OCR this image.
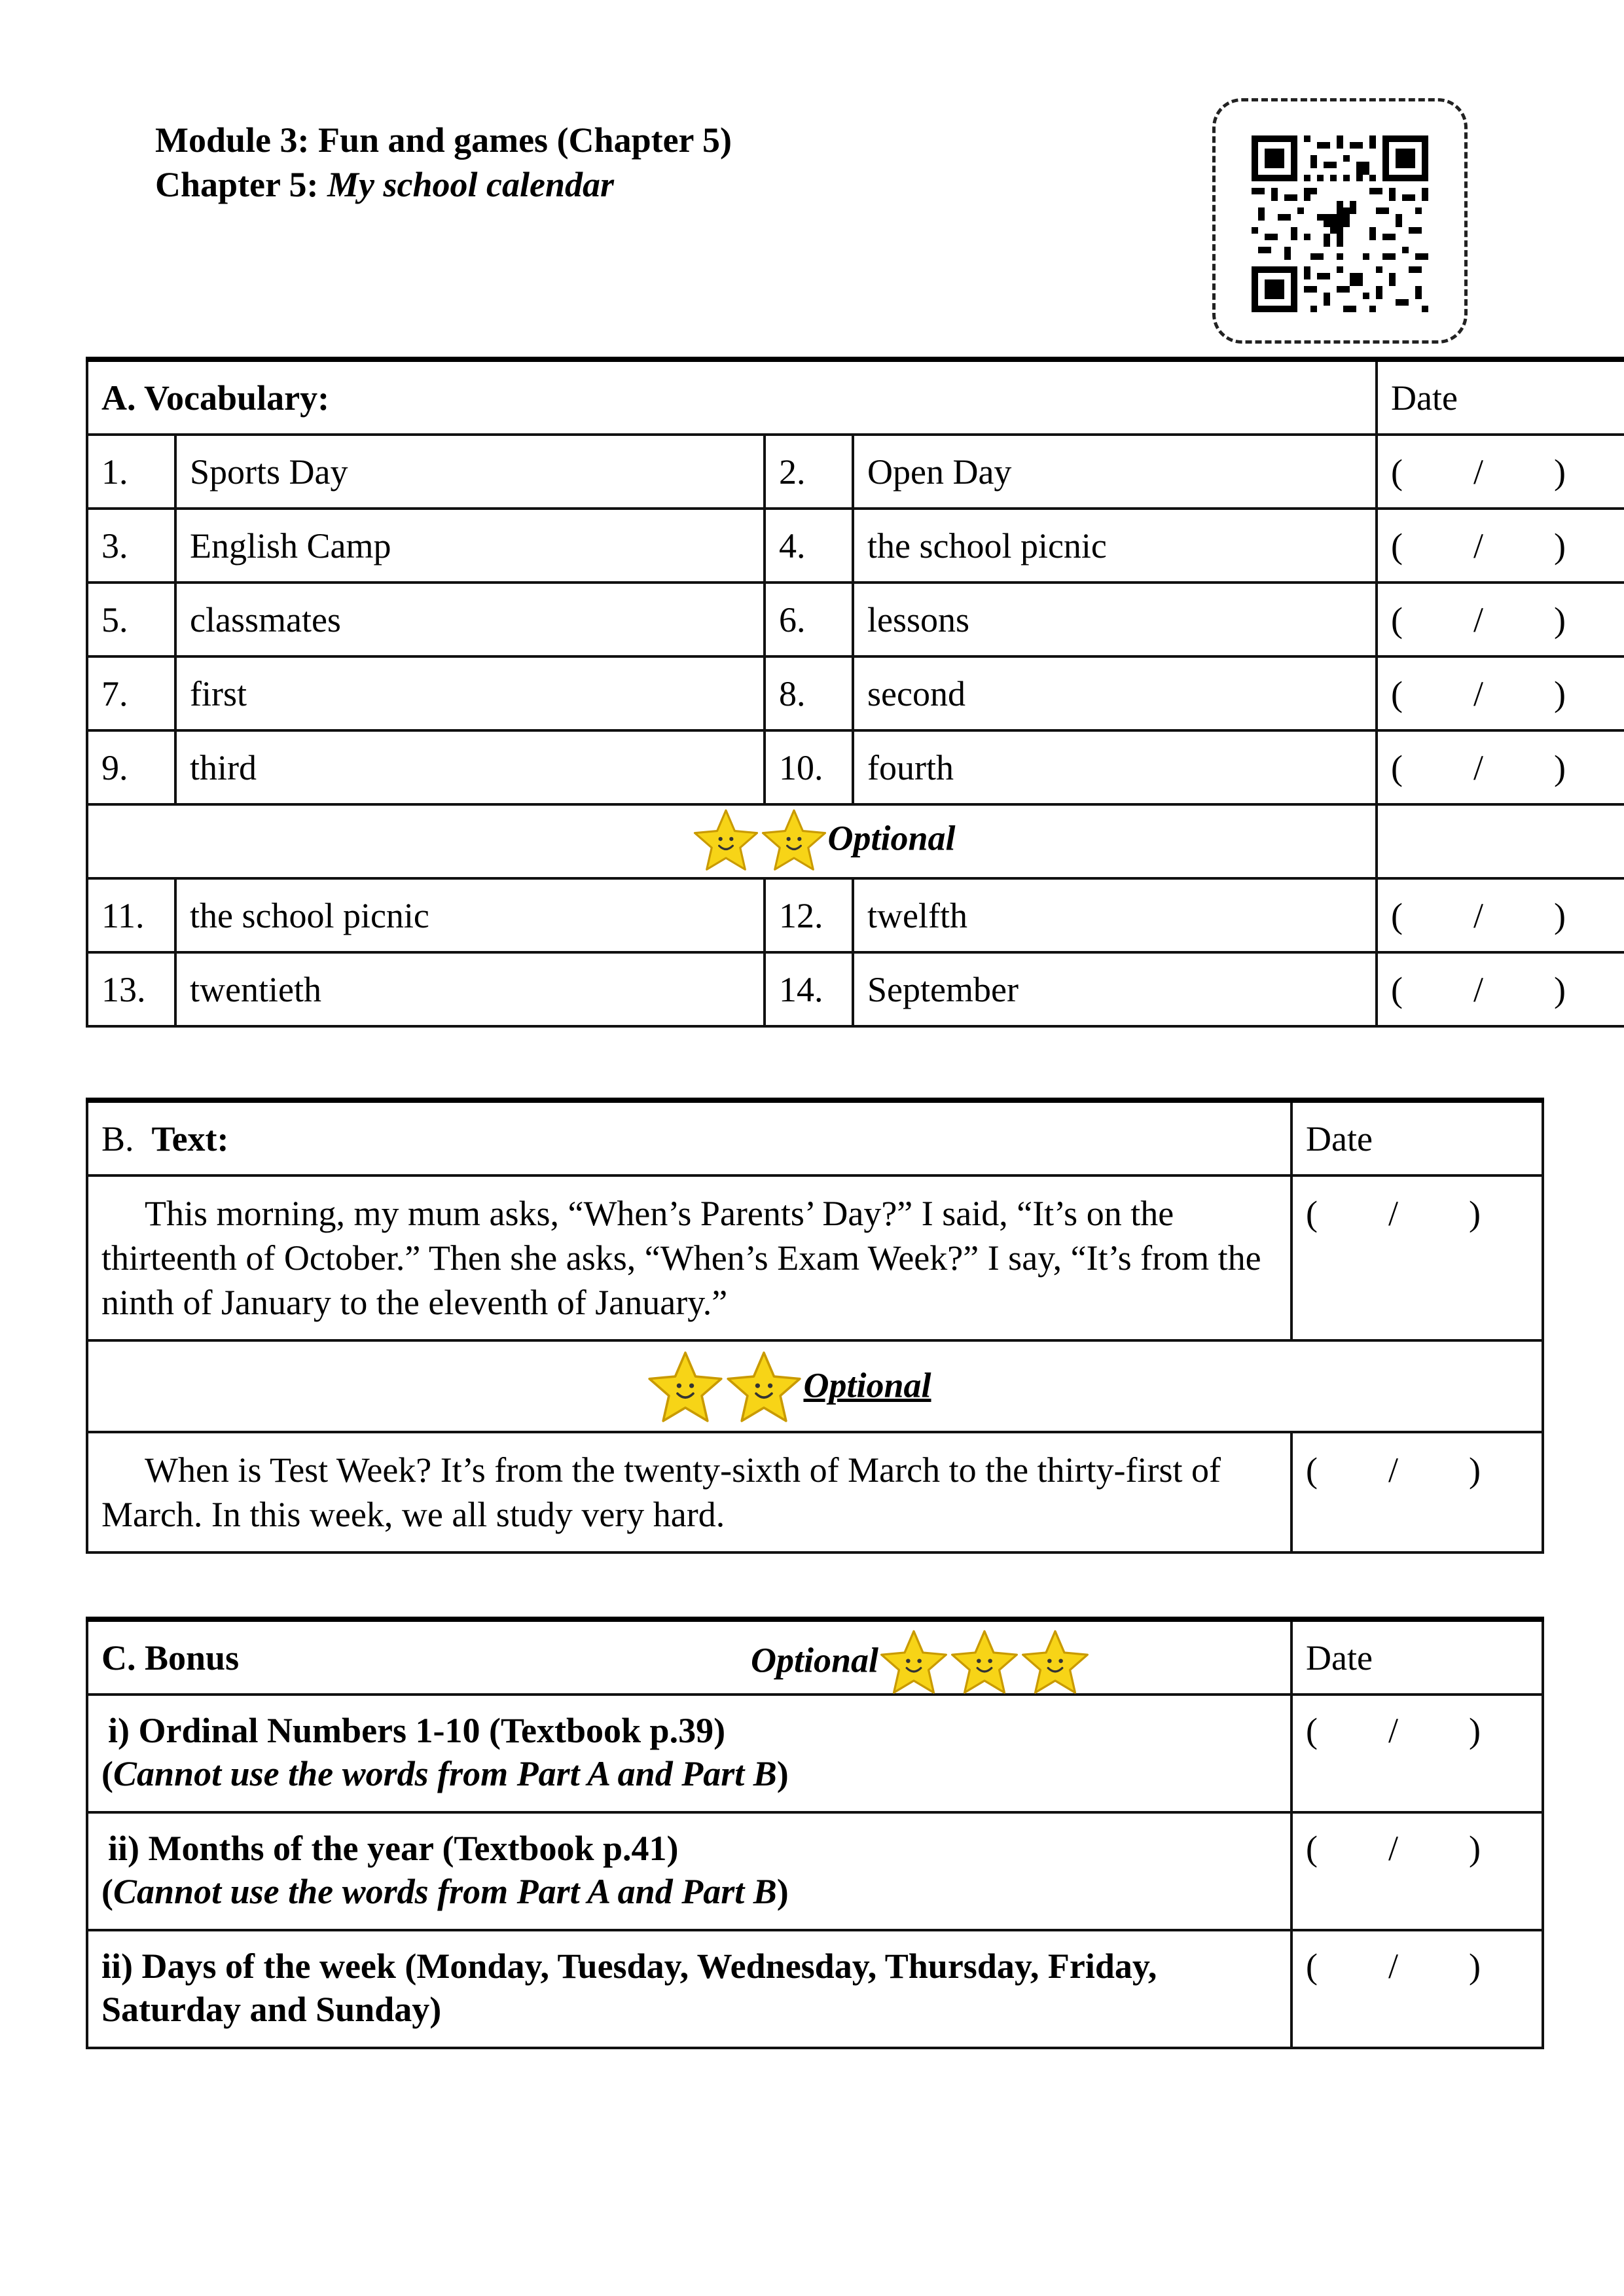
Module 3: Fun and games (Chapter 5)
Chapter 5: My school calendar
A. Vocabulary:				Date
1.	Sports Day	2.	Open Day	(        /        )
3.	English Camp	4.	the school picnic	(        /        )
5.	classmates	6.	lessons	(        /        )
7.	first	8.	second	(        /        )
9.	third	10.	fourth	(        /        )
Optional				
11.	the school picnic	12.	twelfth	(        /        )
13.	twentieth	14.	September	(        /        )
B. Text:	Date
This morning, my mum asks, “When’s Parents’ Day?” I said, “It’s on the thirteenth of October.” Then she asks, “When’s Exam Week?” I say, “It’s from the ninth of January to the eleventh of January.”	(        /        )
Optional	
When is Test Week? It’s from the twenty-sixth of March to the thirty-first of March. In this week, we all study very hard.	(        /        )
C. Bonus Optional	Date

i) Ordinal Numbers 1-10 (Textbook p.39)
(Cannot use the words from Part A and Part B)	(        /        )

ii) Months of the year (Textbook p.41)
(Cannot use the words from Part A and Part B)	(        /        )

ii) Days of the week (Monday, Tuesday, Wednesday, Thursday, Friday, Saturday and Sunday)	(        /        )
